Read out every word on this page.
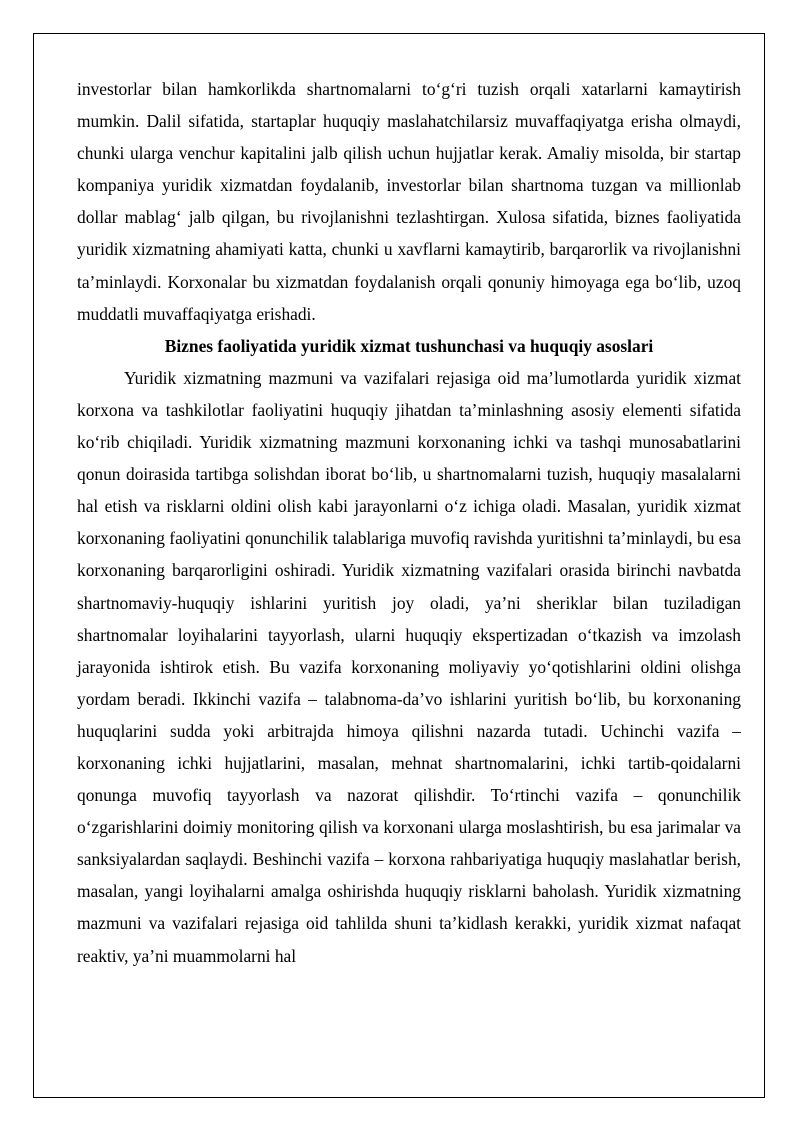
investorlar bilan hamkorlikda shartnomalarni to‘g‘ri tuzish orqali xatarlarni kamaytirish mumkin. Dalil sifatida, startaplar huquqiy maslahatchilarsiz muvaffaqiyatga erisha olmaydi, chunki ularga venchur kapitalini jalb qilish uchun hujjatlar kerak. Amaliy misolda, bir startap kompaniya yuridik xizmatdan foydalanib, investorlar bilan shartnoma tuzgan va millionlab dollar mablag‘ jalb qilgan, bu rivojlanishni tezlashtirgan. Xulosa sifatida, biznes faoliyatida yuridik xizmatning ahamiyati katta, chunki u xavflarni kamaytirib, barqarorlik va rivojlanishni ta’minlaydi. Korxonalar bu xizmatdan foydalanish orqali qonuniy himoyaga ega bo‘lib, uzoq muddatli muvaffaqiyatga erishadi.

Biznes faoliyatida yuridik xizmat tushunchasi va huquqiy asoslari

Yuridik xizmatning mazmuni va vazifalari rejasiga oid ma’lumotlarda yuridik xizmat korxona va tashkilotlar faoliyatini huquqiy jihatdan ta’minlashning asosiy elementi sifatida ko‘rib chiqiladi. Yuridik xizmatning mazmuni korxonaning ichki va tashqi munosabatlarini qonun doirasida tartibga solishdan iborat bo‘lib, u shartnomalarni tuzish, huquqiy masalalarni hal etish va risklarni oldini olish kabi jarayonlarni o‘z ichiga oladi. Masalan, yuridik xizmat korxonaning faoliyatini qonunchilik talablariga muvofiq ravishda yuritishni ta’minlaydi, bu esa korxonaning barqarorligini oshiradi. Yuridik xizmatning vazifalari orasida birinchi navbatda shartnomaviy-huquqiy ishlarini yuritish joy oladi, ya’ni sheriklar bilan tuziladigan shartnomalar loyihalarini tayyorlash, ularni huquqiy ekspertizadan o‘tkazish va imzolash jarayonida ishtirok etish. Bu vazifa korxonaning moliyaviy yo‘qotishlarini oldini olishga yordam beradi. Ikkinchi vazifa – talabnoma-da’vo ishlarini yuritish bo‘lib, bu korxonaning huquqlarini sudda yoki arbitrajda himoya qilishni nazarda tutadi. Uchinchi vazifa – korxonaning ichki hujjatlarini, masalan, mehnat shartnomalarini, ichki tartib-qoidalarni qonunga muvofiq tayyorlash va nazorat qilishdir. To‘rtinchi vazifa – qonunchilik o‘zgarishlarini doimiy monitoring qilish va korxonani ularga moslashtirish, bu esa jarimalar va sanksiyalardan saqlaydi. Beshinchi vazifa – korxona rahbariyatiga huquqiy maslahatlar berish, masalan, yangi loyihalarni amalga oshirishda huquqiy risklarni baholash. Yuridik xizmatning mazmuni va vazifalari rejasiga oid tahlilda shuni ta’kidlash kerakki, yuridik xizmat nafaqat reaktiv, ya’ni muammolarni hal
